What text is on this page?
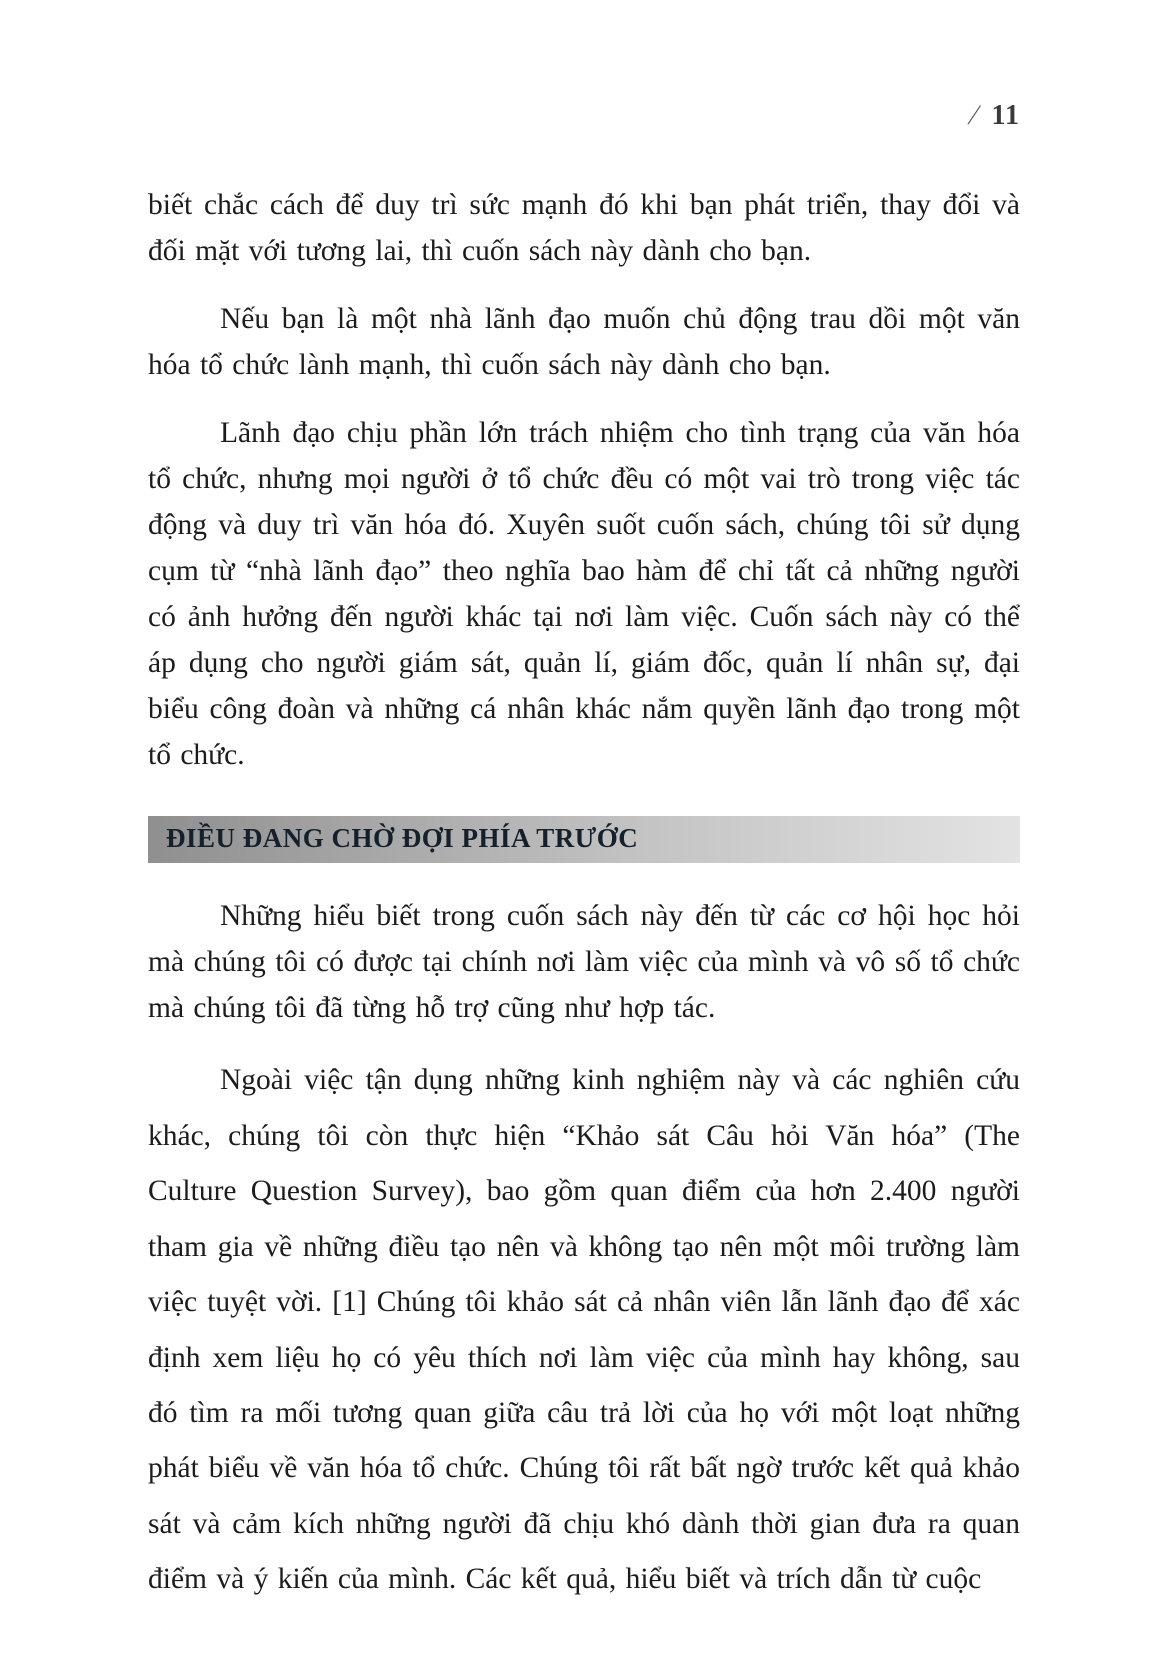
/ 11

biết chắc cách để duy trì sức mạnh đó khi bạn phát triển, thay đổi và đối mặt với tương lai, thì cuốn sách này dành cho bạn.

Nếu bạn là một nhà lãnh đạo muốn chủ động trau dồi một văn hóa tổ chức lành mạnh, thì cuốn sách này dành cho bạn.

Lãnh đạo chịu phần lớn trách nhiệm cho tình trạng của văn hóa tổ chức, nhưng mọi người ở tổ chức đều có một vai trò trong việc tác động và duy trì văn hóa đó. Xuyên suốt cuốn sách, chúng tôi sử dụng cụm từ “nhà lãnh đạo” theo nghĩa bao hàm để chỉ tất cả những người có ảnh hưởng đến người khác tại nơi làm việc. Cuốn sách này có thể áp dụng cho người giám sát, quản lí, giám đốc, quản lí nhân sự, đại biểu công đoàn và những cá nhân khác nắm quyền lãnh đạo trong một tổ chức.

ĐIỀU ĐANG CHỜ ĐỢI PHÍA TRƯỚC

Những hiểu biết trong cuốn sách này đến từ các cơ hội học hỏi mà chúng tôi có được tại chính nơi làm việc của mình và vô số tổ chức mà chúng tôi đã từng hỗ trợ cũng như hợp tác.

Ngoài việc tận dụng những kinh nghiệm này và các nghiên cứu khác, chúng tôi còn thực hiện “Khảo sát Câu hỏi Văn hóa” (The Culture Question Survey), bao gồm quan điểm của hơn 2.400 người tham gia về những điều tạo nên và không tạo nên một môi trường làm việc tuyệt vời. [1] Chúng tôi khảo sát cả nhân viên lẫn lãnh đạo để xác định xem liệu họ có yêu thích nơi làm việc của mình hay không, sau đó tìm ra mối tương quan giữa câu trả lời của họ với một loạt những phát biểu về văn hóa tổ chức. Chúng tôi rất bất ngờ trước kết quả khảo sát và cảm kích những người đã chịu khó dành thời gian đưa ra quan điểm và ý kiến của mình. Các kết quả, hiểu biết và trích dẫn từ cuộc
